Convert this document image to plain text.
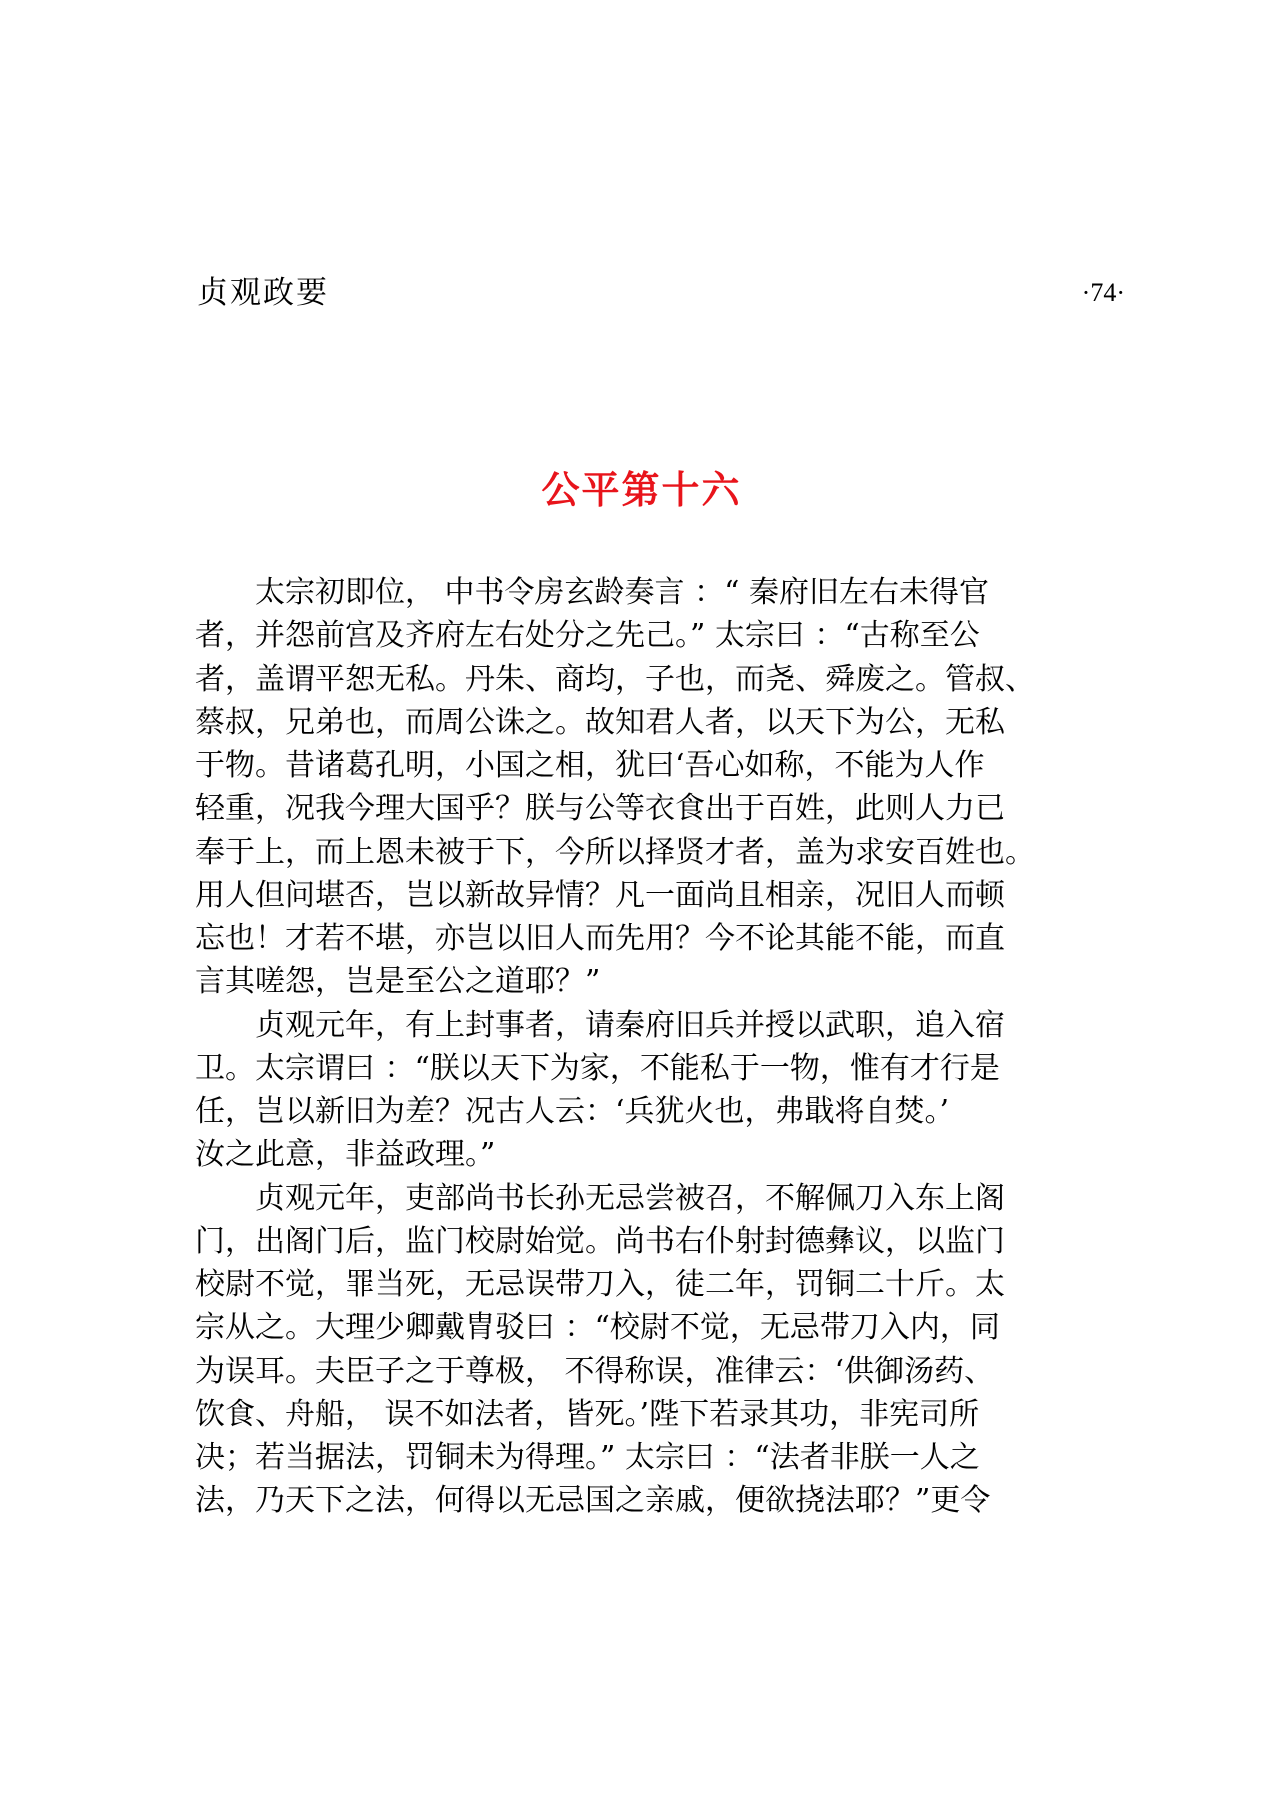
贞观政要	·74·
公平第十六
　　太宗初即位， 中书令房玄龄奏言 ：“ 秦府旧左右未得官
者，并怨前宫及齐府左右处分之先己。” 太宗曰 ：“古称至公
者，盖谓平恕无私。丹朱、商均，子也，而尧、舜废之。管叔、
蔡叔，兄弟也，而周公诛之。故知君人者，以天下为公，无私
于物。昔诸葛孔明，小国之相，犹曰‘吾心如称，不能为人作
轻重，况我今理大国乎？朕与公等衣食出于百姓，此则人力已
奉于上，而上恩未被于下，今所以择贤才者，盖为求安百姓也。
用人但问堪否，岂以新故异情？凡一面尚且相亲，况旧人而顿
忘也！才若不堪，亦岂以旧人而先用？今不论其能不能，而直
言其嗟怨，岂是至公之道耶？”
　　贞观元年，有上封事者，请秦府旧兵并授以武职，追入宿
卫。太宗谓曰 ：“朕以天下为家，不能私于一物，惟有才行是
任，岂以新旧为差？况古人云：‘兵犹火也，弗戢将自焚。’
汝之此意，非益政理。”
　　贞观元年，吏部尚书长孙无忌尝被召，不解佩刀入东上阁
门，出阁门后，监门校尉始觉。尚书右仆射封德彝议，以监门
校尉不觉，罪当死，无忌误带刀入，徒二年，罚铜二十斤。太
宗从之。大理少卿戴胄驳曰 ：“校尉不觉，无忌带刀入内，同
为误耳。夫臣子之于尊极， 不得称误，准律云：‘供御汤药、
饮食、舟船， 误不如法者，皆死。’陛下若录其功，非宪司所
决；若当据法，罚铜未为得理。” 太宗曰 ：“法者非朕一人之
法，乃天下之法，何得以无忌国之亲戚，便欲挠法耶？”更令
